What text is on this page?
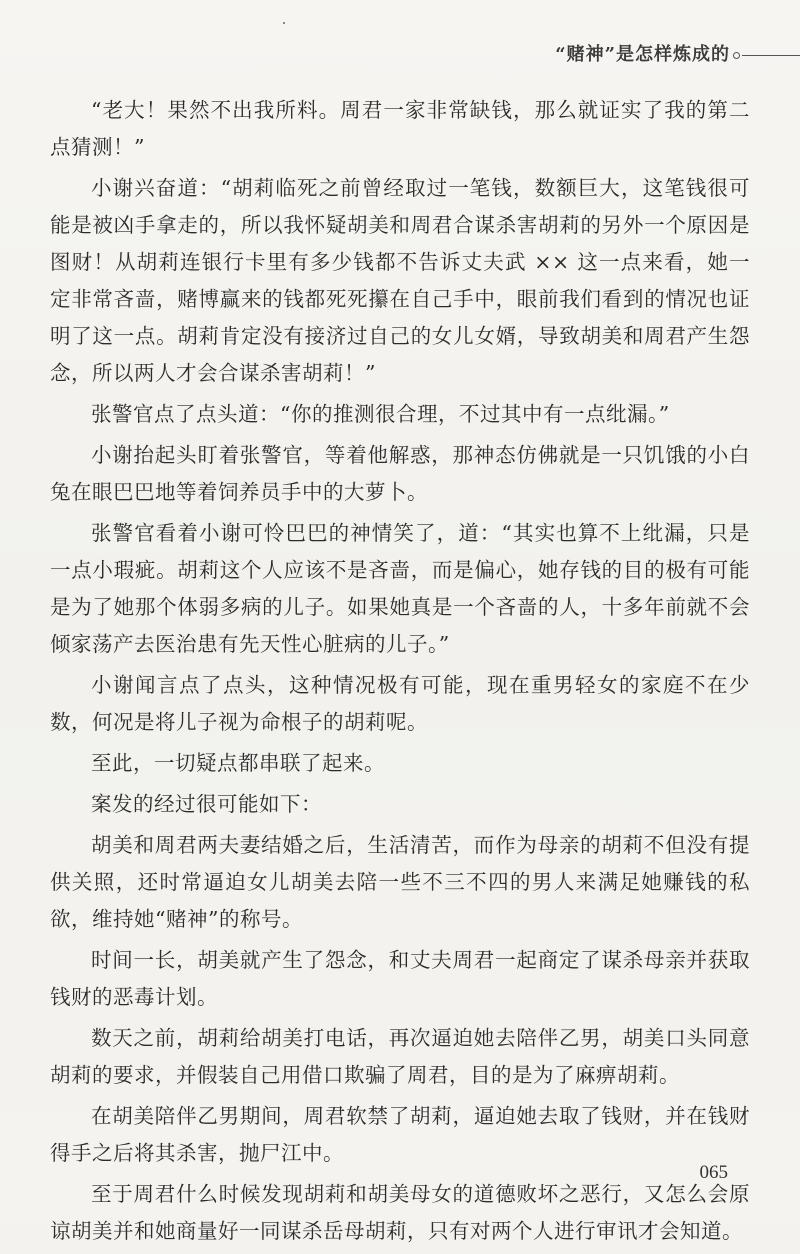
“赌神”是怎样炼成的

“老大！果然不出我所料。周君一家非常缺钱，那么就证实了我的第二点猜测！”

小谢兴奋道：“胡莉临死之前曾经取过一笔钱，数额巨大，这笔钱很可能是被凶手拿走的，所以我怀疑胡美和周君合谋杀害胡莉的另外一个原因是图财！从胡莉连银行卡里有多少钱都不告诉丈夫武 ×× 这一点来看，她一定非常吝啬，赌博赢来的钱都死死攥在自己手中，眼前我们看到的情况也证明了这一点。胡莉肯定没有接济过自己的女儿女婿，导致胡美和周君产生怨念，所以两人才会合谋杀害胡莉！”

张警官点了点头道：“你的推测很合理，不过其中有一点纰漏。”

小谢抬起头盯着张警官，等着他解惑，那神态仿佛就是一只饥饿的小白兔在眼巴巴地等着饲养员手中的大萝卜。

张警官看着小谢可怜巴巴的神情笑了，道：“其实也算不上纰漏，只是一点小瑕疵。胡莉这个人应该不是吝啬，而是偏心，她存钱的目的极有可能是为了她那个体弱多病的儿子。如果她真是一个吝啬的人，十多年前就不会倾家荡产去医治患有先天性心脏病的儿子。”

小谢闻言点了点头，这种情况极有可能，现在重男轻女的家庭不在少数，何况是将儿子视为命根子的胡莉呢。

至此，一切疑点都串联了起来。

案发的经过很可能如下：

胡美和周君两夫妻结婚之后，生活清苦，而作为母亲的胡莉不但没有提供关照，还时常逼迫女儿胡美去陪一些不三不四的男人来满足她赚钱的私欲，维持她“赌神”的称号。

时间一长，胡美就产生了怨念，和丈夫周君一起商定了谋杀母亲并获取钱财的恶毒计划。

数天之前，胡莉给胡美打电话，再次逼迫她去陪伴乙男，胡美口头同意胡莉的要求，并假装自己用借口欺骗了周君，目的是为了麻痹胡莉。

在胡美陪伴乙男期间，周君软禁了胡莉，逼迫她去取了钱财，并在钱财得手之后将其杀害，抛尸江中。

至于周君什么时候发现胡莉和胡美母女的道德败坏之恶行，又怎么会原谅胡美并和她商量好一同谋杀岳母胡莉，只有对两个人进行审讯才会知道。

065
